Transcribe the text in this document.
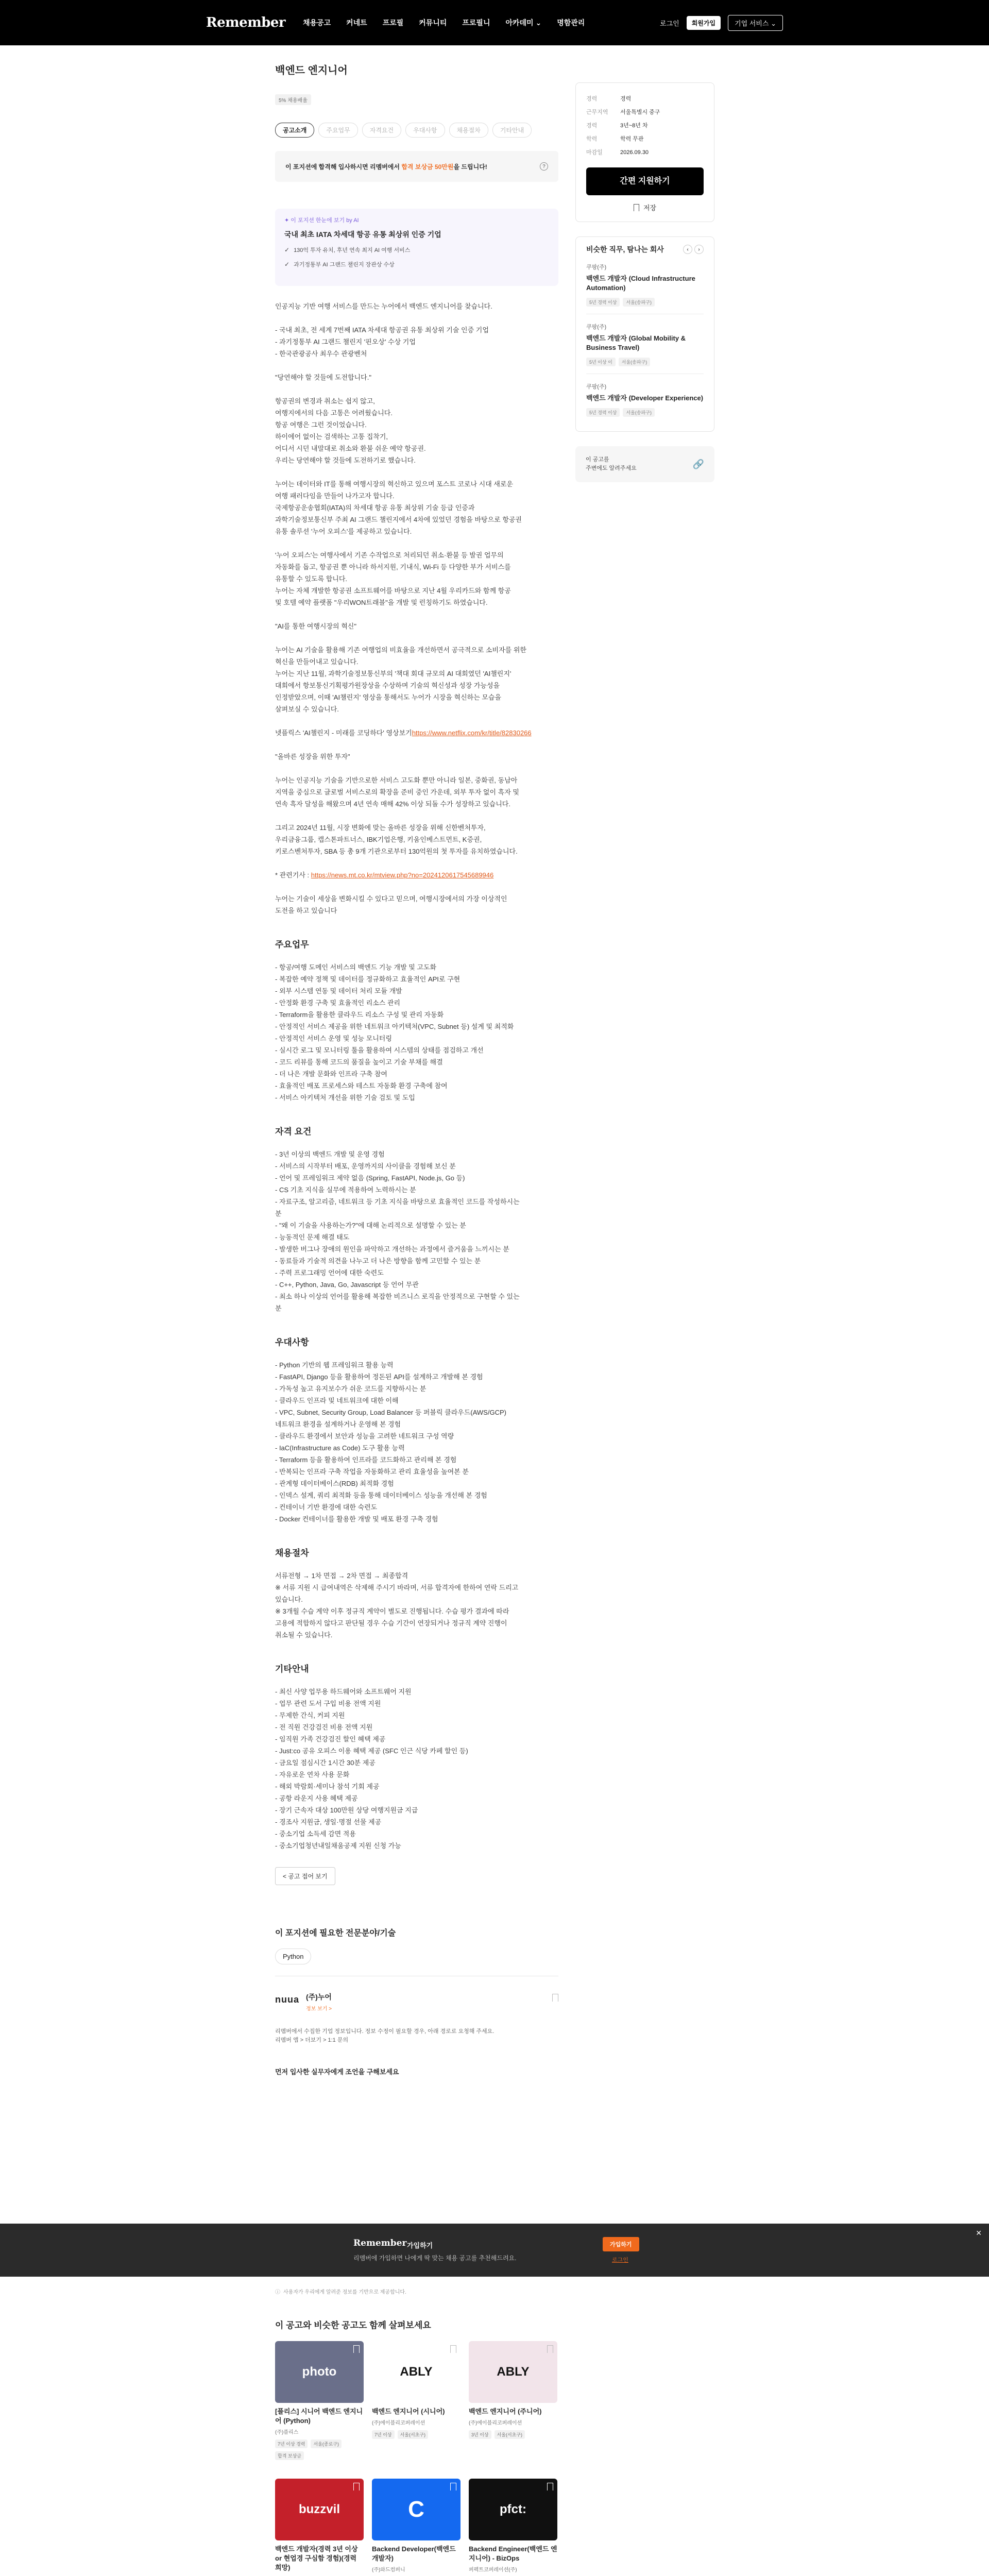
Remember 채용공고 커네트 프로필 커뮤니티 프로필니 아카데미 ⌄ 명함관리	로그인	회원가입	기업 서비스 ⌄
백엔드 엔지니어
5% 채용배율
공고소개	주요업무	자격요건	우대사항	채용절차	기타안내
이 포지션에 합격해 입사하시면 리멤버에서 합격 보상금 50만원을 드립니다!	?
✦ 이 포지션 한눈에 보기 by AI
국내 최초 IATA 차세대 항공 유통 최상위 인증 기업
✓ 130억 투자 유치, 후년 연속 최지 AI 여행 서비스
✓ 과기정통부 AI 그랜드 챌린지 장관상 수상

인공지능 기반 여행 서비스를 만드는 누어에서 백엔드 엔지니어를 찾습니다.

- 국내 최초, 전 세계 7번째 IATA 차세대 항공권 유통 최상위 기술 인증 기업

- 과기정통부 AI 그랜드 챌린지 '핀오상' 수상 기업

- 한국관광공사 최우수 관광벤처

"당연해야 할 것들에 도전합니다."

항공권의 변경과 취소는 쉽지 않고,

여행지에서의 다음 고통은 어려웠습니다.

항공 여행은 그런 것이었습니다.

하이에어 없이는 검색하는 고통 집착기,

어디서 시던 내말대로 취소와 환불 쉬운 예약 항공권.

우리는 당연해야 할 것들에 도전하기로 했습니다.

누어는 데이터와 IT를 통해 여행시장의 혁신하고 있으며 포스트 코로나 시대 새로운

여행 패러다임을 만들어 나가고자 합니다.

국제항공운송협회(IATA)의 차세대 항공 유통 최상위 기술 등급 인증과

과학기술정보통신부 주최 AI 그랜드 챌린지에서 4차에 있었던 경험을 바탕으로 항공권

유통 솔루션 '누어 오피스'를 제공하고 있습니다.

'누어 오피스'는 여행사에서 기존 수작업으로 처리되던 취소·환불 등 발권 업무의

자동화를 돕고, 항공권 뿐 아니라 하서지원, 기내식, Wi-Fi 등 다양한 부가 서비스를

유통할 수 있도록 합니다.

누어는 자체 개발한 항공권 소프트웨어를 바탕으로 지난 4월 우리카드와 함께 항공

및 호텔 예약 플랫폼 "우리WON트래블"을 개발 및 런칭하기도 하였습니다.

"AI를 통한 여행시장의 혁신"

누어는 AI 기술을 활용해 기존 여행업의 비효율을 개선하면서 공극적으로 소비자를 위한

혁신을 만들어내고 있습니다.

누어는 지난 11월, 과학기술정보통신부의 '책대 회대 규모의 AI 대회였던 'AI챌린지'

대회에서 항보통신기획평가원장상을 수상하며 기술의 혁신성과 성장 가능성을

인정받았으며, 이때 'AI챌린지' 영상을 통해서도 누어가 시장을 혁신하는 모습을

살펴보실 수 있습니다.

넷플릭스 'AI챌린지 - 미래를 코딩하다' 영상보기https://www.netflix.com/kr/title/82830266

"올바른 성장을 위한 투자"

누어는 인공지능 기술을 기반으로한 서비스 고도화 뿐만 아니라 일본, 중화권, 동남아

지역을 중심으로 글로벌 서비스로의 확장을 준비 중인 가운데, 외부 투자 없이 흑자 및

연속 흑자 달성을 해왔으며 4년 연속 매해 42% 이상 되돌 수가 성장하고 있습니다.

그리고 2024년 11월, 시장 변화에 맞는 올바른 성장을 위해 신한벤처투자,

우리금융그룹, 캡스톤파트너스, IBK기업은행, 키움인베스트먼트, K증권,

키로스벤처투자, SBA 등 총 9개 기관으로부터 130억원의 첫 투자를 유치하였습니다.

* 관련기사 : https://news.mt.co.kr/mtview.php?no=2024120617545689946

누어는 기술이 세상을 변화시킬 수 있다고 믿으며, 여행시장에서의 가장 이상적인

도전을 하고 있습니다

주요업무

- 항공/여행 도메인 서비스의 백엔드 기능 개발 및 고도화

- 복잡한 예약 정책 및 데이터를 정규화하고 효율적인 API로 구현

- 외부 시스템 연동 및 데이터 처리 모듈 개발

- 안정화 환경 구축 및 효율적인 리소스 관리

- Terraform을 활용한 클라우드 리소스 구성 및 관리 자동화

- 안정적인 서비스 제공을 위한 네트워크 아키텍처(VPC, Subnet 등) 설계 및 최적화

- 안정적인 서비스 운영 및 성능 모니터링

- 실시간 로그 및 모니터링 툴을 활용하여 시스템의 상태를 점검하고 개선

- 코드 리뷰를 통해 코드의 품질을 높이고 기술 부채를 해결

- 더 나은 개발 문화와 인프라 구축 참여

- 효율적인 배포 프로세스와 테스트 자동화 환경 구축에 참여

- 서비스 아키텍처 개선을 위한 기술 검토 및 도입

자격 요건

- 3년 이상의 백엔드 개발 및 운영 경험

- 서비스의 시작부터 배포, 운영까지의 사이클을 경험해 보신 분

- 언어 및 프레임워크 제약 없음 (Spring, FastAPI, Node.js, Go 등)

- CS 기초 지식을 실무에 적용하여 노력하시는 분

- 자료구조, 알고리즘, 네트워크 등 기초 지식을 바탕으로 효율적인 코드를 작성하시는

분

- "왜 이 기술을 사용하는가?"에 대해 논리적으로 설명할 수 있는 분

- 능동적인 문제 해결 태도

- 발생한 버그나 장애의 원인을 파악하고 개선하는 과정에서 즐거움을 느끼시는 분

- 동료들과 기술적 의견을 나누고 더 나은 방향을 함께 고민할 수 있는 분

- 주력 프로그래밍 언어에 대한 숙련도

- C++, Python, Java, Go, Javascript 등 언어 무관

- 최소 하나 이상의 언어를 활용해 복잡한 비즈니스 로직을 안정적으로 구현할 수 있는

분

우대사항

- Python 기반의 웹 프레임워크 활용 능력

- FastAPI, Django 등을 활용하여 정돈된 API를 설계하고 개발해 본 경험

- 가독성 높고 유지보수가 쉬운 코드를 지향하시는 분

- 클라우드 인프라 및 네트워크에 대한 이해

- VPC, Subnet, Security Group, Load Balancer 등 퍼블릭 클라우드(AWS/GCP)

네트워크 환경을 설계하거나 운영해 본 경험

- 클라우드 환경에서 보안과 성능을 고려한 네트워크 구성 역량

- IaC(Infrastructure as Code) 도구 활용 능력

- Terraform 등을 활용하여 인프라를 코드화하고 관리해 본 경험

- 반복되는 인프라 구축 작업을 자동화하고 관리 효율성을 높여본 분

- 관계형 데이터베이스(RDB) 최적화 경험

- 인덱스 설계, 쿼리 최적화 등을 통해 데이터베이스 성능을 개선해 본 경험

- 컨테이너 기반 환경에 대한 숙련도

- Docker 컨테이너를 활용한 개발 및 배포 환경 구축 경험

채용절차

서류전형 → 1차 면접 → 2차 면접 → 최종합격

※ 서류 지원 시 급여내역은 삭제해 주시기 바라며, 서류 합격자에 한하여 연락 드리고

있습니다.

※ 3개월 수습 계약 이후 정규직 계약이 별도로 진행됩니다. 수습 평가 결과에 따라

고용에 적합하지 않다고 판단될 경우 수습 기간이 연장되거나 정규직 계약 진행이

취소될 수 있습니다.

기타안내

- 최신 사양 업무용 하드웨어와 소프트웨어 지원

- 업무 관련 도서 구입 비용 전액 지원

- 무제한 간식, 커피 지원

- 전 직원 건강검진 비용 전액 지원

- 임직원 가족 건강검진 할인 혜택 제공

- Just:co 공유 오피스 이용 혜택 제공 (SFC 인근 식당 카페 할인 등)

- 금요일 점심시간 1시간 30분 제공

- 자유로운 연차 사용 문화

- 해외 박람회·세미나 참석 기회 제공

- 공항 라운지 사용 혜택 제공

- 장기 근속자 대상 100만원 상당 여행지원금 지급

- 경조사 지원금, 생일·명절 선물 제공

- 중소기업 소득세 감면 적용

- 중소기업청년내일채움공제 지원 신청 가능

< 공고 접어 보기
이 포지션에 필요한 전문분야/기술
Python
nuua (주)누어
정보 보기 >
리멤버에서 수집한 기업 정보입니다. 정보 수정이 필요할 경우, 아래 경로로 요청해 주세요.
리멤버 앱 > 더보기 > 1:1 문의
먼저 입사한 실무자에게 조언을 구해보세요
Remember 가입하기
리멤버에 가입하면 나에게 딱 맞는 채용 공고를 추천해드려요.
가입하기
로그인
✕
ⓘ 사용자가 우리에게 알려준 정보를 기반으로 제공합니다.
이 공고와 비슷한 공고도 함께 살펴보세요
photo
[플리스] 시니어 백엔드 엔지니어 (Python)
(주)플리스
7년 이상 경력	서울(종로구)
합격 보상금
ABLY
백엔드 엔지니어 (시니어)
(주)에이블리코퍼레이션
7년 이상	서울(서초구)
ABLY
백엔드 엔지니어 (주니어)
(주)에이블리코퍼레이션
3년 이상	서울(서초구)
buzzvil
백엔드 개발자(경력 3년 이상 or 현업경 구심함 경험)(경력 희망)
C
Backend Developer(백엔드 개발자)
(주)와드컴퍼니
pfct:
Backend Engineer(백엔드 엔지니어) - BizOps
퍼펙트코퍼레이션(주)
경력	경력
근무지역	서울특별시 중구
경력	3년~8년 차
학력	학력 무관
마감일	2026.09.30
간편 지원하기
저장
비슷한 직무, 탐나는 회사	‹	›
쿠팡(주)
백엔드 개발자 (Cloud Infrastructure Automation)
5년 경력 이상	서울(송파구)
쿠팡(주)
백엔드 개발자 (Global Mobility & Business Travel)
5년 이상 이	서울(송파구)
쿠팡(주)
백엔드 개발자 (Developer Experience)
5년 경력 이상	서울(송파구)
이 공고를
주변에도 알려주세요	🔗
